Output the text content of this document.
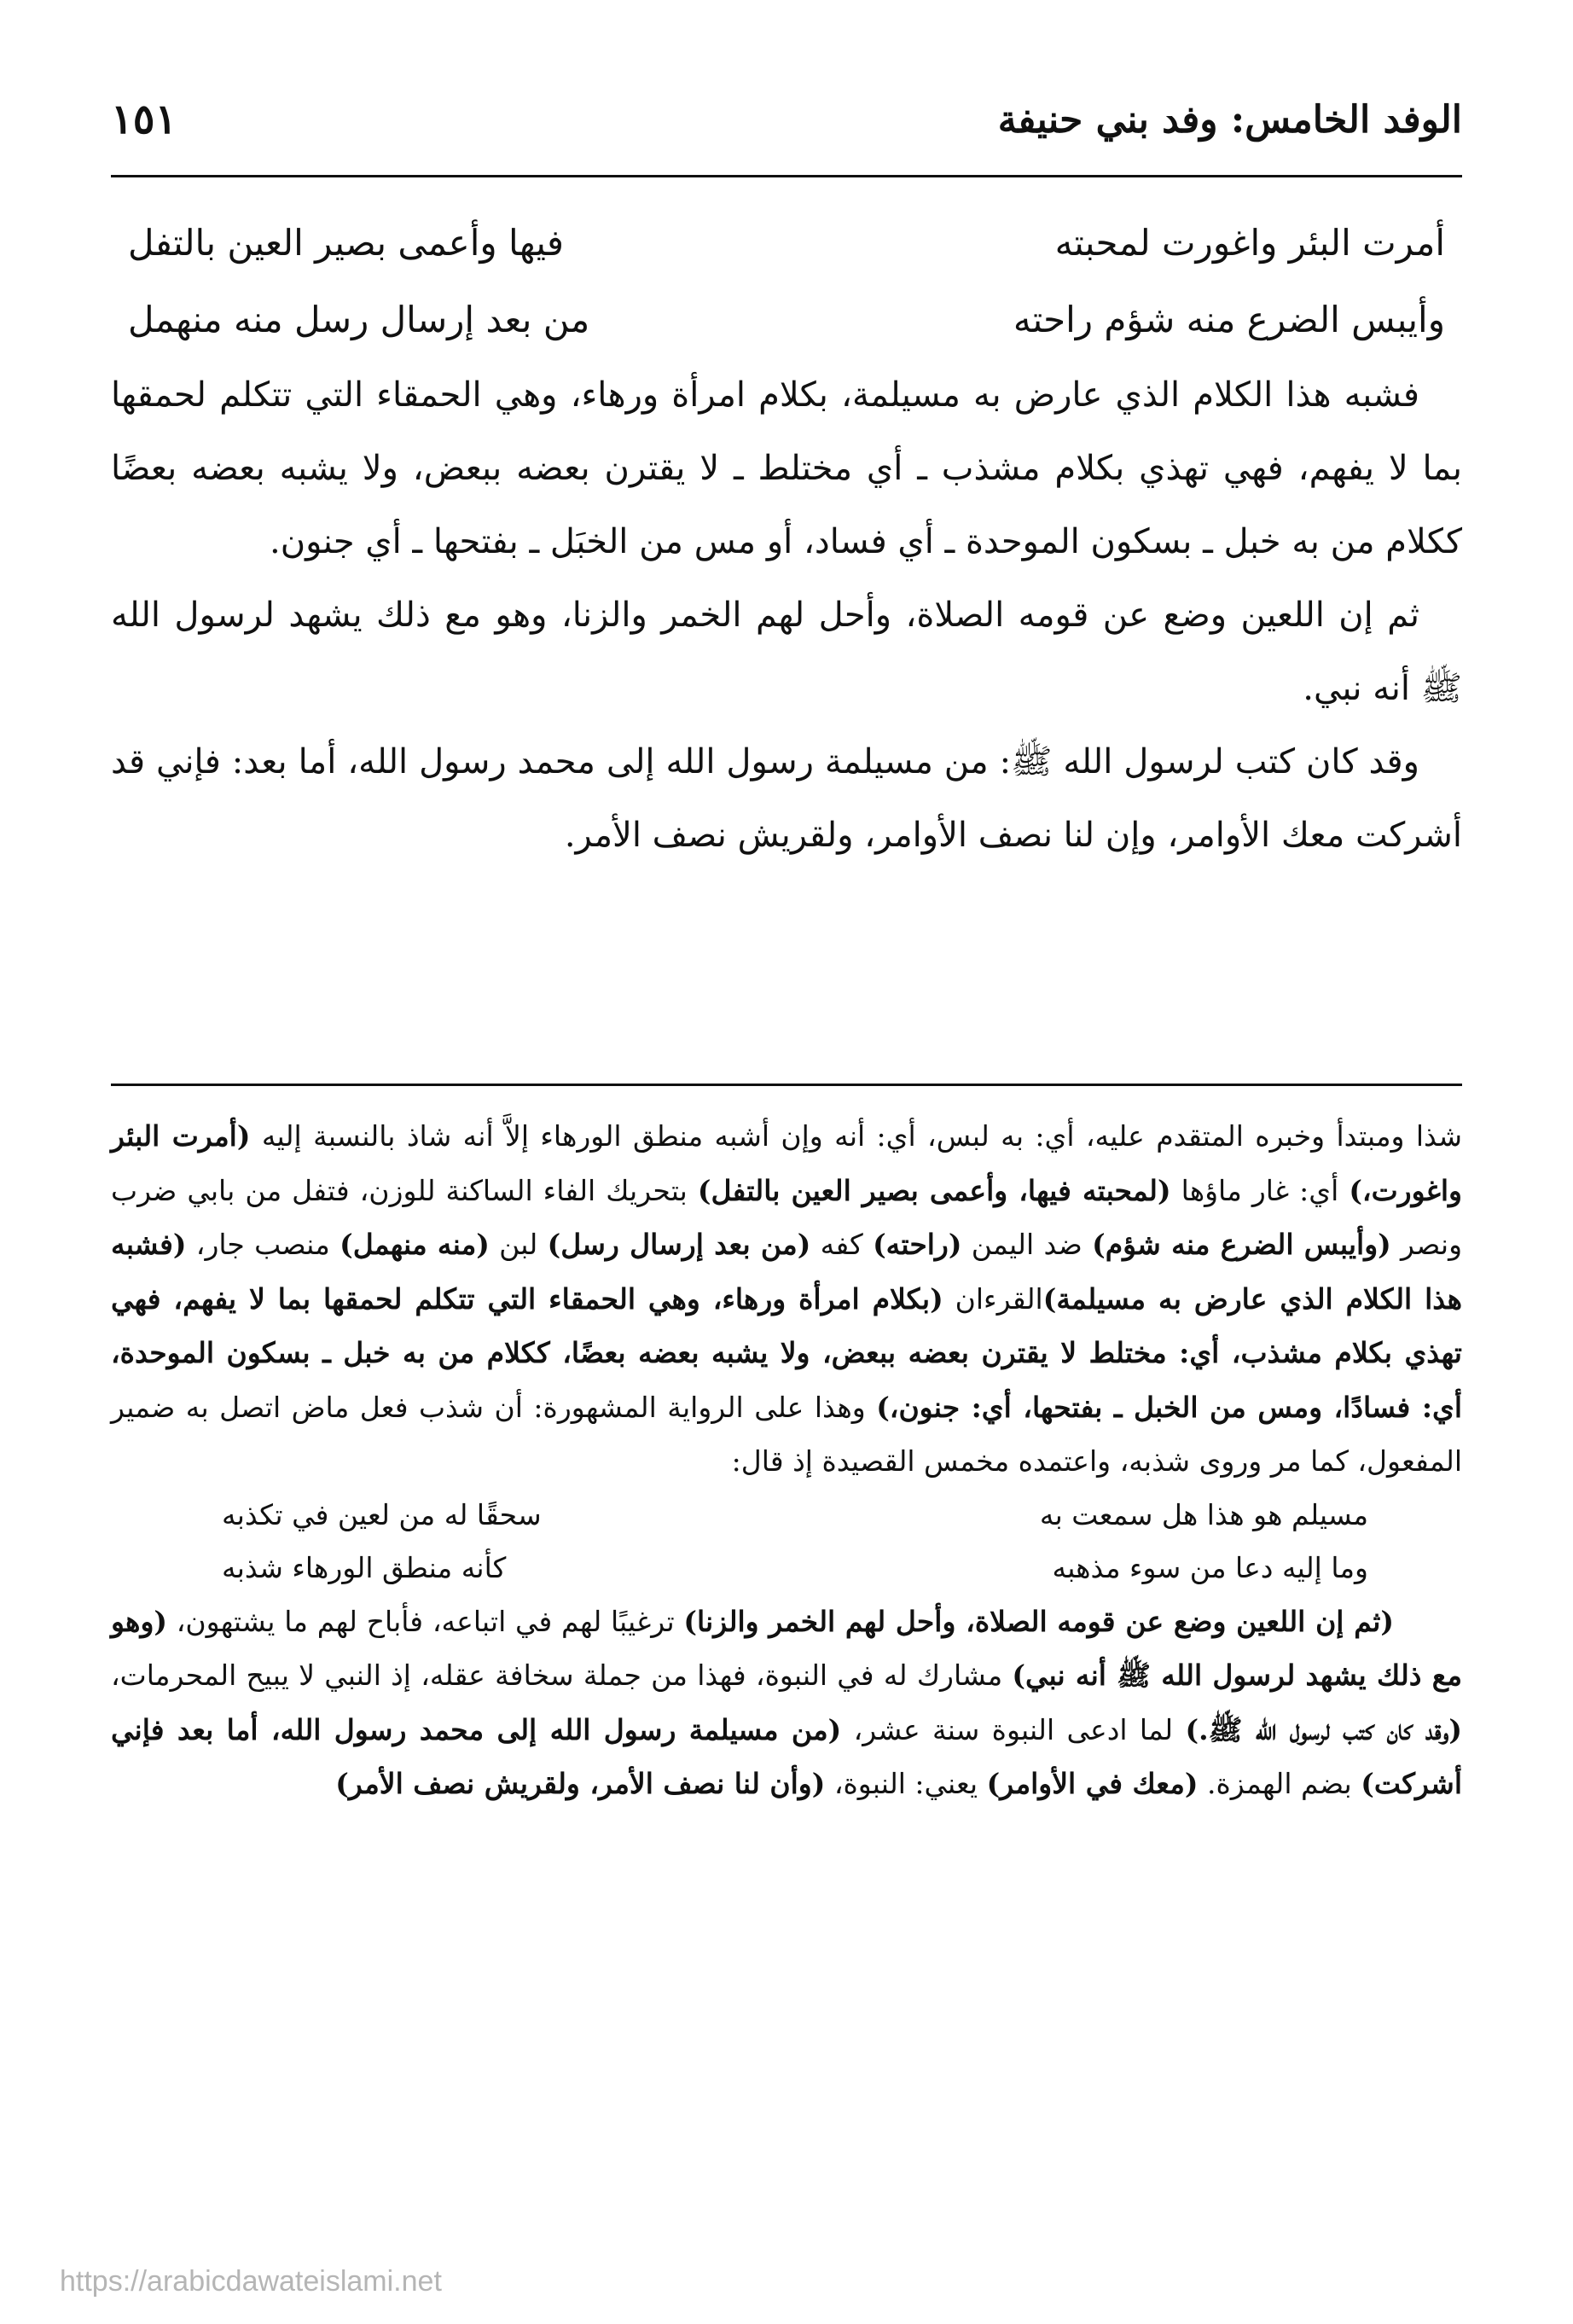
الوفد الخامس: وفد بني حنيفة
١٥١
أمرت البئر واغورت لمحبته
فيها وأعمى بصير العين بالتفل
وأيبس الضرع منه شؤم راحته
من بعد إرسال رسل منه منهمل

فشبه هذا الكلام الذي عارض به مسيلمة، بكلام امرأة ورهاء، وهي الحمقاء التي تتكلم لحمقها بما لا يفهم، فهي تهذي بكلام مشذب ـ أي مختلط ـ لا يقترن بعضه ببعض، ولا يشبه بعضه بعضًا ككلام من به خبل ـ بسكون الموحدة ـ أي فساد، أو مس من الخبَل ـ بفتحها ـ أي جنون.

ثم إن اللعين وضع عن قومه الصلاة، وأحل لهم الخمر والزنا، وهو مع ذلك يشهد لرسول الله ﷺ أنه نبي.

وقد كان كتب لرسول الله ﷺ: من مسيلمة رسول الله إلى محمد رسول الله، أما بعد: فإني قد أشركت معك الأوامر، وإن لنا نصف الأوامر، ولقريش نصف الأمر.

شذا ومبتدأ وخبره المتقدم عليه، أي: به لبس، أي: أنه وإن أشبه منطق الورهاء إلاَّ أنه شاذ بالنسبة إليه (أمرت البئر واغورت،) أي: غار ماؤها (لمحبته فيها، وأعمى بصير العين بالتفل) بتحريك الفاء الساكنة للوزن، فتفل من بابي ضرب ونصر (وأيبس الضرع منه شؤم) ضد اليمن (راحته) كفه (من بعد إرسال رسل) لبن (منه منهمل) منصب جار، (فشبه هذا الكلام الذي عارض به مسيلمة)القرءان (بكلام امرأة ورهاء، وهي الحمقاء التي تتكلم لحمقها بما لا يفهم، فهي تهذي بكلام مشذب، أي: مختلط لا يقترن بعضه ببعض، ولا يشبه بعضه بعضًا، ككلام من به خبل ـ بسكون الموحدة، أي: فسادًا، ومس من الخبل ـ بفتحها، أي: جنون،) وهذا على الرواية المشهورة: أن شذب فعل ماض اتصل به ضمير المفعول، كما مر وروى شذبه، واعتمده مخمس القصيدة إذ قال:

مسيلم هو هذا هل سمعت به
سحقًا له من لعين في تكذبه
وما إليه دعا من سوء مذهبه
كأنه منطق الورهاء شذبه

(ثم إن اللعين وضع عن قومه الصلاة، وأحل لهم الخمر والزنا) ترغيبًا لهم في اتباعه، فأباح لهم ما يشتهون، (وهو مع ذلك يشهد لرسول الله ﷺ أنه نبي) مشارك له في النبوة، فهذا من جملة سخافة عقله، إذ النبي لا يبيح المحرمات، (وقد كان كتب لرسول الله ﷺ.) لما ادعى النبوة سنة عشر، (من مسيلمة رسول الله إلى محمد رسول الله، أما بعد فإني أشركت) بضم الهمزة. (معك في الأوامر) يعني: النبوة، (وأن لنا نصف الأمر، ولقريش نصف الأمر)

https://arabicdawateislami.net
